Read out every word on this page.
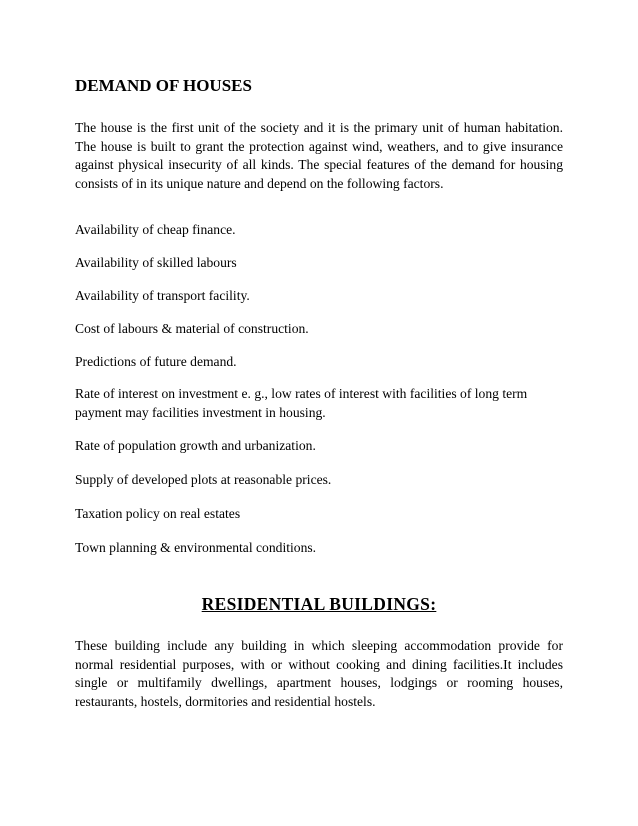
DEMAND OF HOUSES

The house is the first unit of the society and it is the primary unit of human habitation. The house is built to grant the protection against wind, weathers, and to give insurance against physical insecurity of all kinds. The special features of the demand for housing consists of in its unique nature and depend on the following factors.

Availability of cheap finance.

Availability of skilled labours

Availability of transport facility.

Cost of labours & material of construction.

Predictions of future demand.

Rate of interest on investment e. g., low rates of interest with facilities of long term payment may facilities investment in housing.

Rate of population growth and urbanization.

Supply of developed plots at reasonable prices.

Taxation policy on real estates

Town planning & environmental conditions.

RESIDENTIAL BUILDINGS:

These building include any building in which sleeping accommodation provide for normal residential purposes, with or without cooking and dining facilities.It includes single or multifamily dwellings, apartment houses, lodgings or rooming houses, restaurants, hostels, dormitories and residential hostels.
